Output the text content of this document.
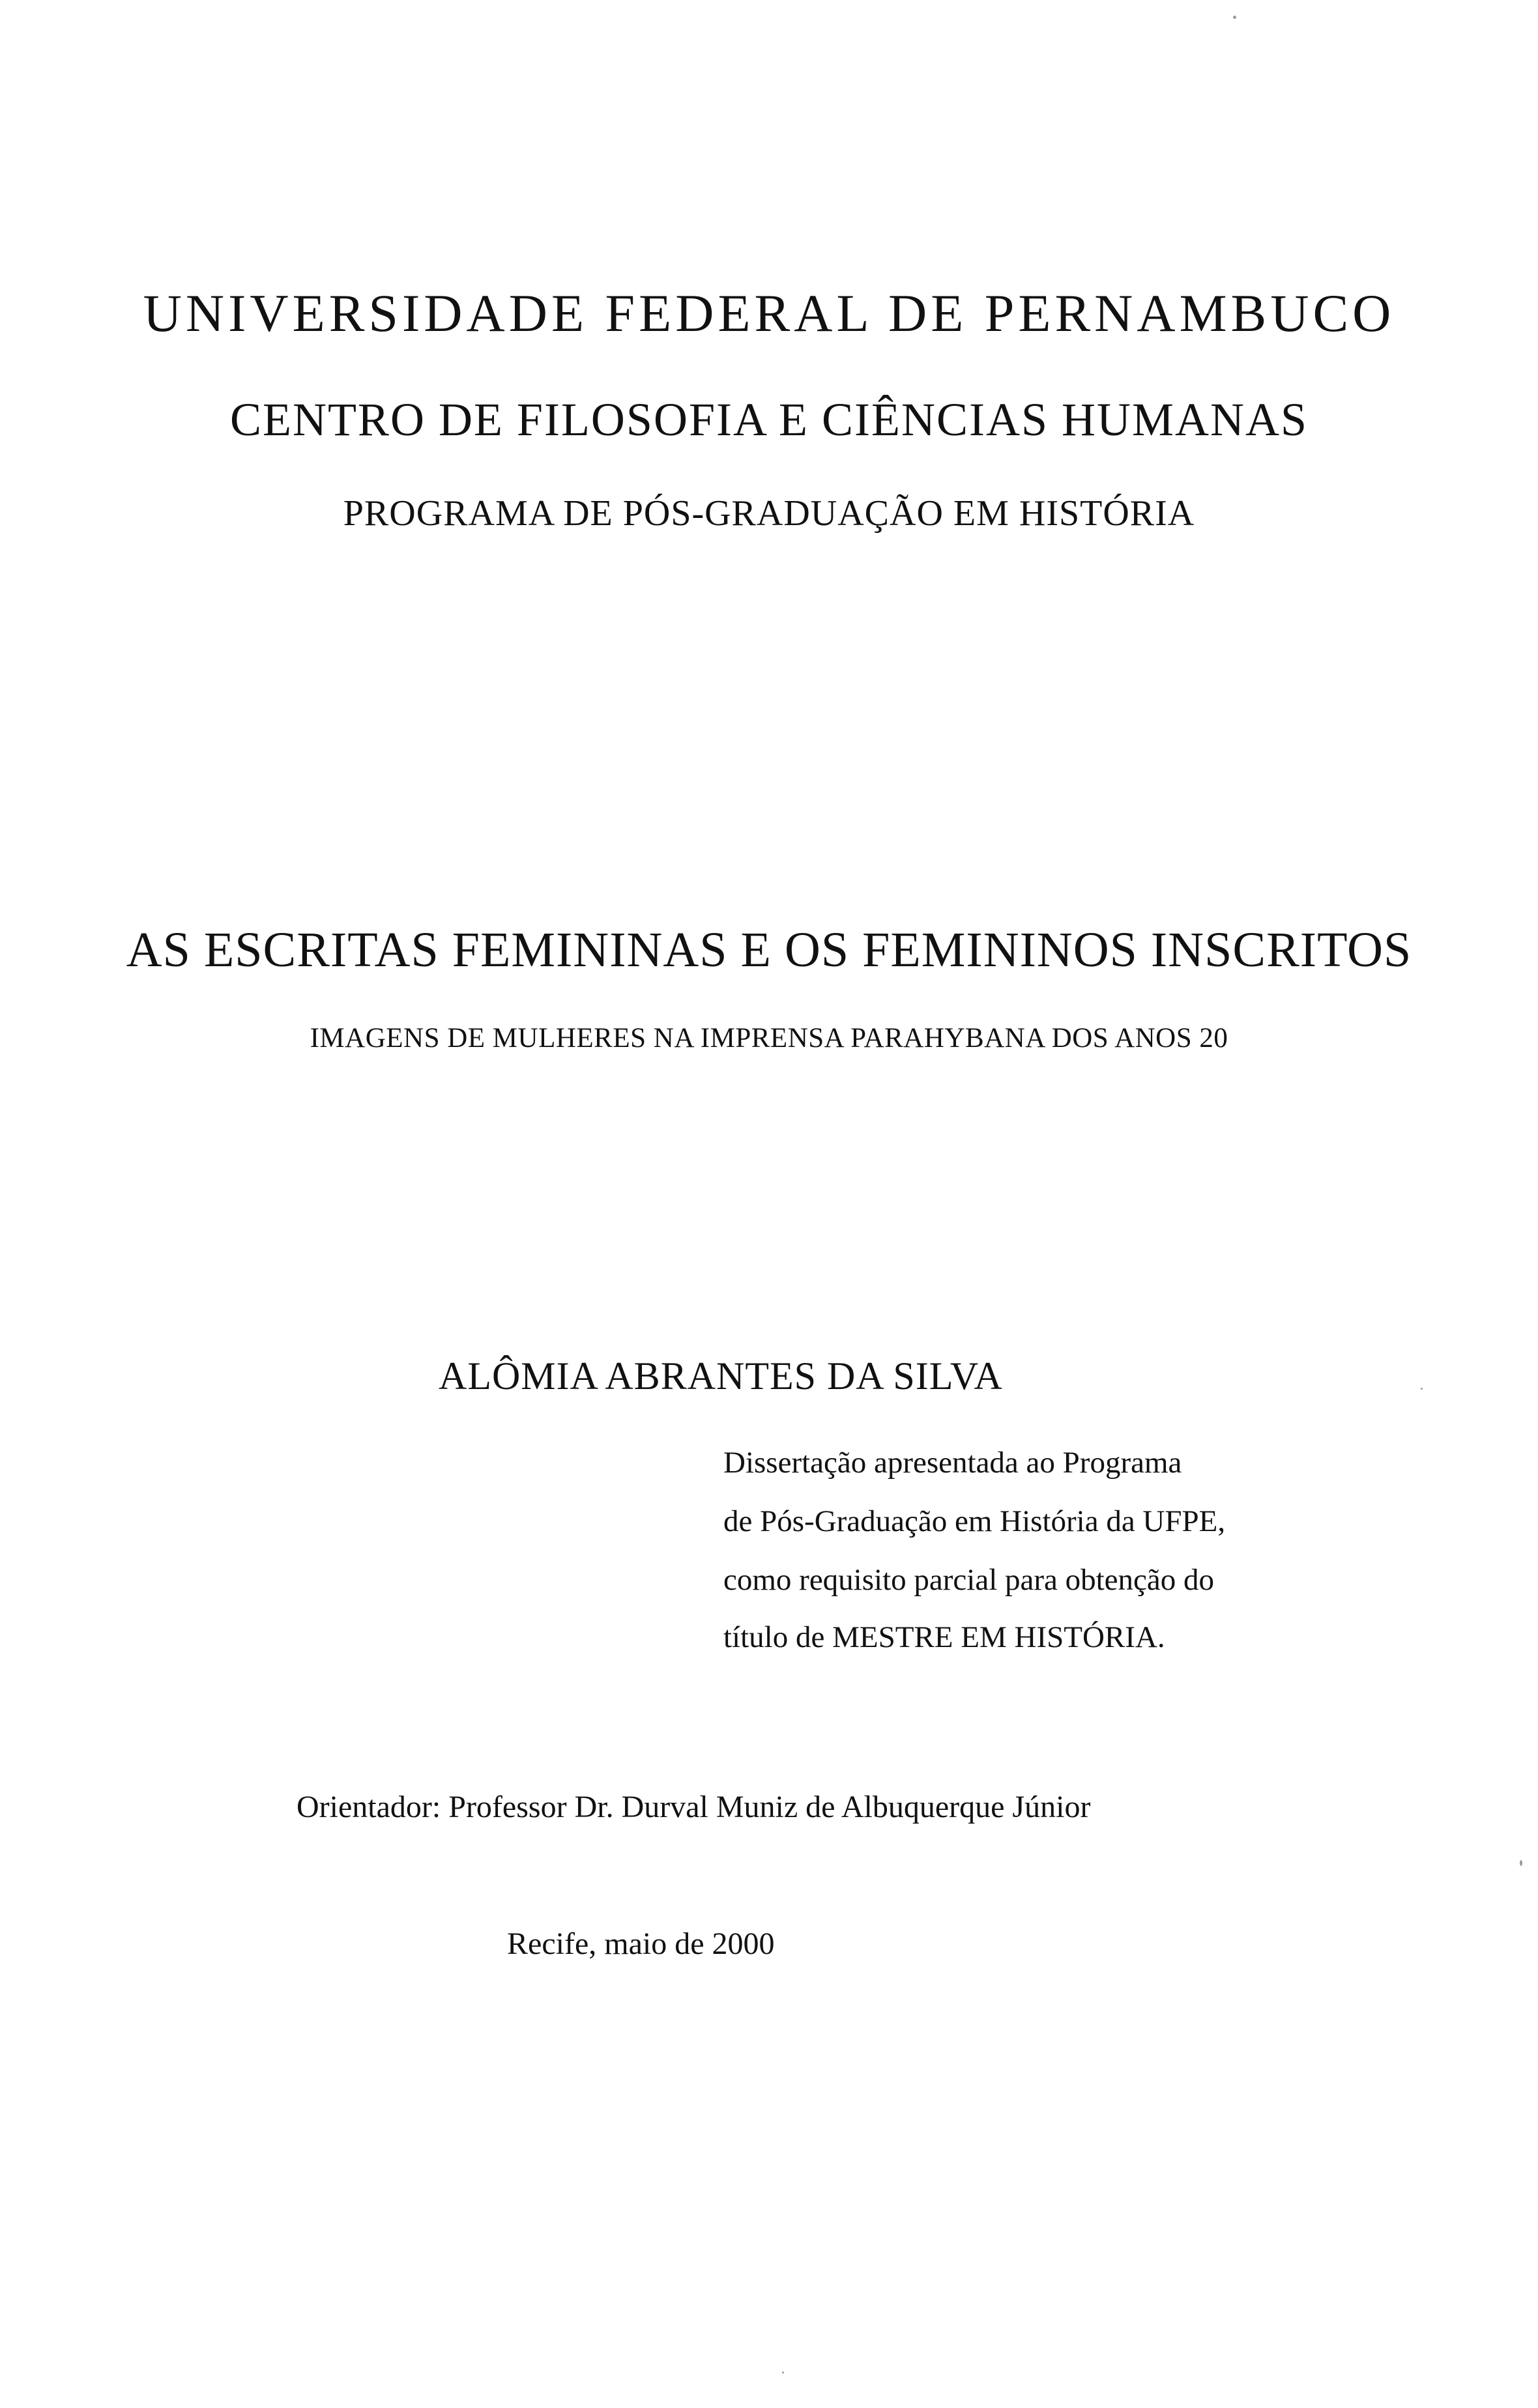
UNIVERSIDADE FEDERAL DE PERNAMBUCO

CENTRO DE FILOSOFIA E CIÊNCIAS HUMANAS

PROGRAMA DE PÓS-GRADUAÇÃO EM HISTÓRIA

AS ESCRITAS FEMININAS E OS FEMININOS INSCRITOS
IMAGENS DE MULHERES NA IMPRENSA PARAHYBANA DOS ANOS 20

ALÔMIA ABRANTES DA SILVA

Dissertação apresentada ao Programa

de Pós-Graduação em História da UFPE,

como requisito parcial para obtenção do

título de MESTRE EM HISTÓRIA.

Orientador: Professor Dr. Durval Muniz de Albuquerque Júnior

Recife, maio de 2000
